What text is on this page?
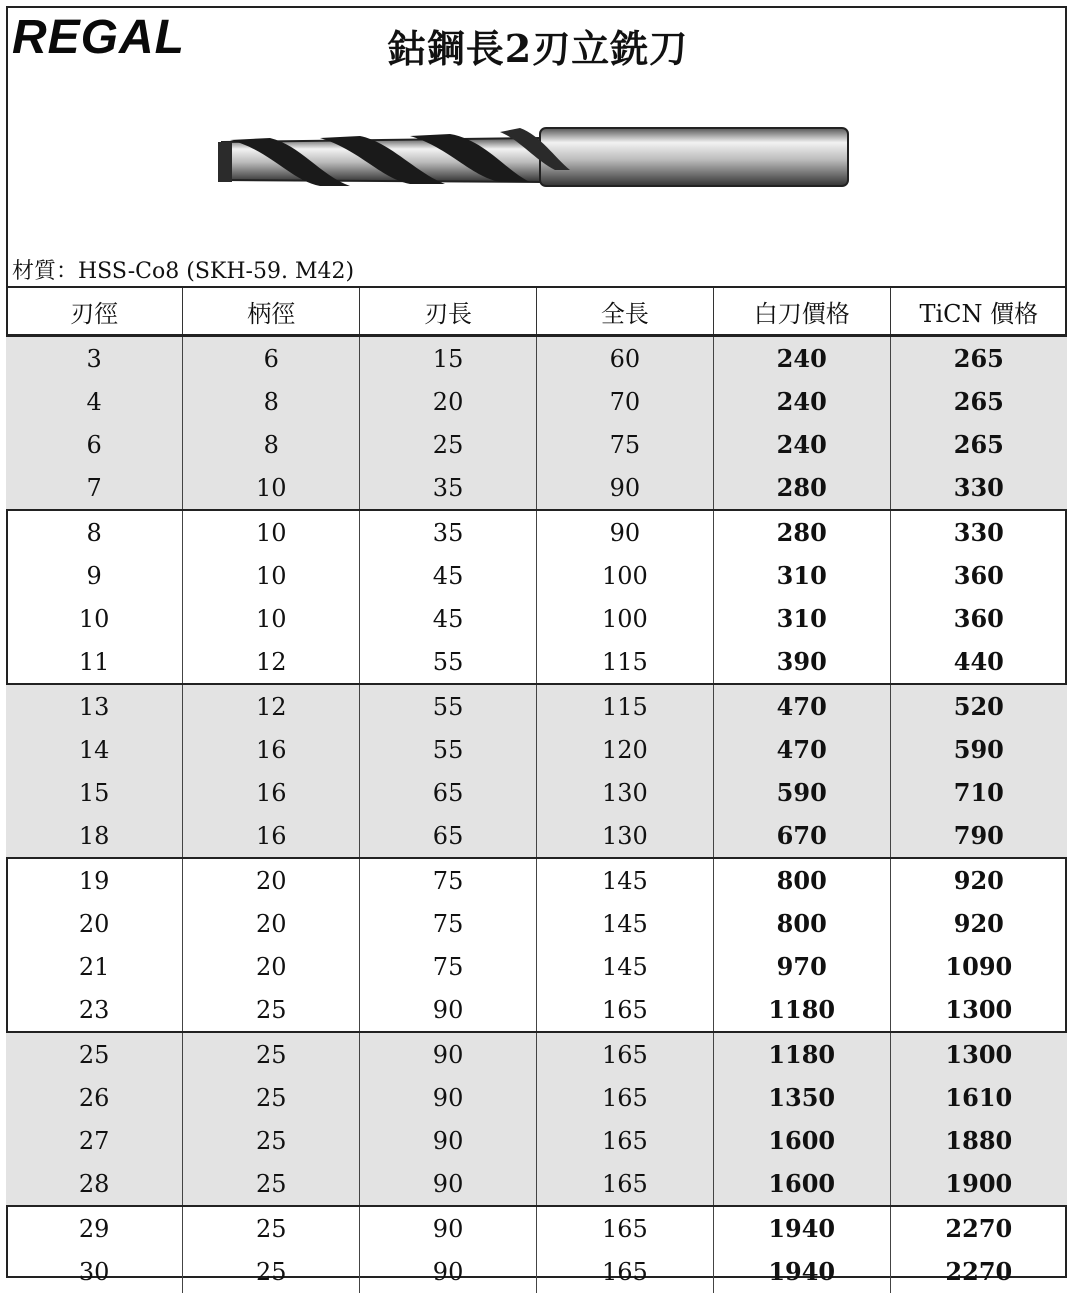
REGAL	鈷鋼長2刃立銑刀
材質：HSS-Co8 (SKH-59. M42)
刃徑	柄徑	刃長	全長	白刀價格	TiCN 價格
3	6	15	60	240	265
4	8	20	70	240	265
6	8	25	75	240	265
7	10	35	90	280	330
8	10	35	90	280	330
9	10	45	100	310	360
10	10	45	100	310	360
11	12	55	115	390	440
13	12	55	115	470	520
14	16	55	120	470	590
15	16	65	130	590	710
18	16	65	130	670	790
19	20	75	145	800	920
20	20	75	145	800	920
21	20	75	145	970	1090
23	25	90	165	1180	1300
25	25	90	165	1180	1300
26	25	90	165	1350	1610
27	25	90	165	1600	1880
28	25	90	165	1600	1900
29	25	90	165	1940	2270
30	25	90	165	1940	2270
